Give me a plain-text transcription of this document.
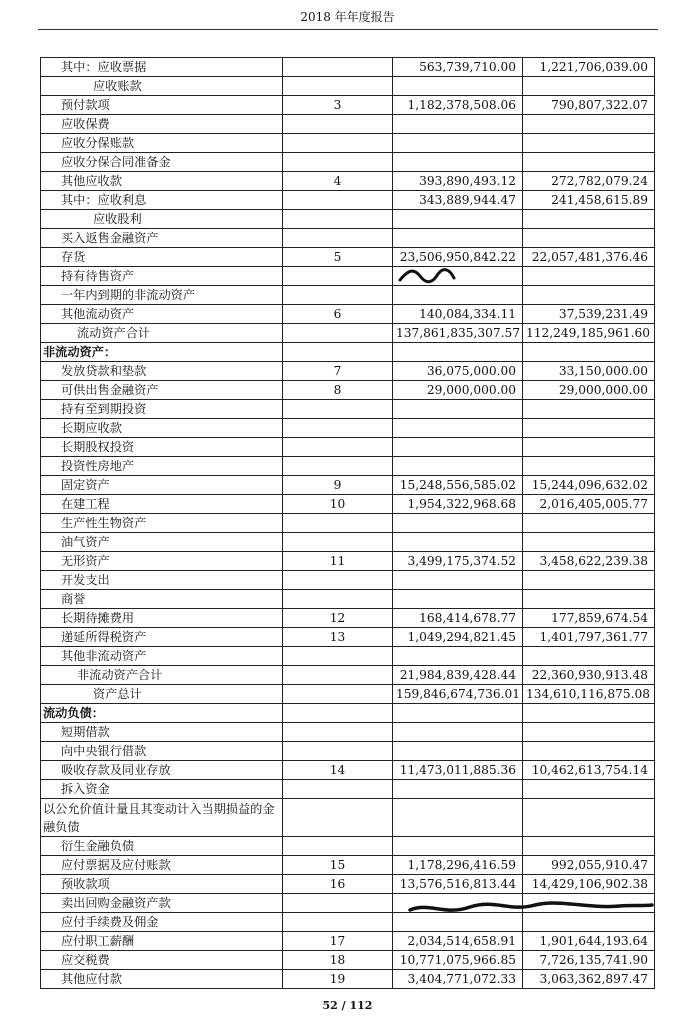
2018 年年度报告
其中：应收票据		563,739,710.00	1,221,706,039.00
应收账款			
预付款项	3	1,182,378,508.06	790,807,322.07
应收保费			
应收分保账款			
应收分保合同准备金			
其他应收款	4	393,890,493.12	272,782,079.24
其中：应收利息		343,889,944.47	241,458,615.89
应收股利			
买入返售金融资产			
存货	5	23,506,950,842.22	22,057,481,376.46
持有待售资产			
一年内到期的非流动资产			
其他流动资产	6	140,084,334.11	37,539,231.49
流动资产合计		137,861,835,307.57	112,249,185,961.60
非流动资产：			
发放贷款和垫款	7	36,075,000.00	33,150,000.00
可供出售金融资产	8	29,000,000.00	29,000,000.00
持有至到期投资			
长期应收款			
长期股权投资			
投资性房地产			
固定资产	9	15,248,556,585.02	15,244,096,632.02
在建工程	10	1,954,322,968.68	2,016,405,005.77
生产性生物资产			
油气资产			
无形资产	11	3,499,175,374.52	3,458,622,239.38
开发支出			
商誉			
长期待摊费用	12	168,414,678.77	177,859,674.54
递延所得税资产	13	1,049,294,821.45	1,401,797,361.77
其他非流动资产			
非流动资产合计		21,984,839,428.44	22,360,930,913.48
资产总计		159,846,674,736.01	134,610,116,875.08
流动负债：			
短期借款			
向中央银行借款			
吸收存款及同业存放	14	11,473,011,885.36	10,462,613,754.14
拆入资金			
以公允价值计量且其变动计入当期损益的金融负债			
衍生金融负债			
应付票据及应付账款	15	1,178,296,416.59	992,055,910.47
预收款项	16	13,576,516,813.44	14,429,106,902.38
卖出回购金融资产款			
应付手续费及佣金			
应付职工薪酬	17	2,034,514,658.91	1,901,644,193.64
应交税费	18	10,771,075,966.85	7,726,135,741.90
其他应付款	19	3,404,771,072.33	3,063,362,897.47
52 / 112
